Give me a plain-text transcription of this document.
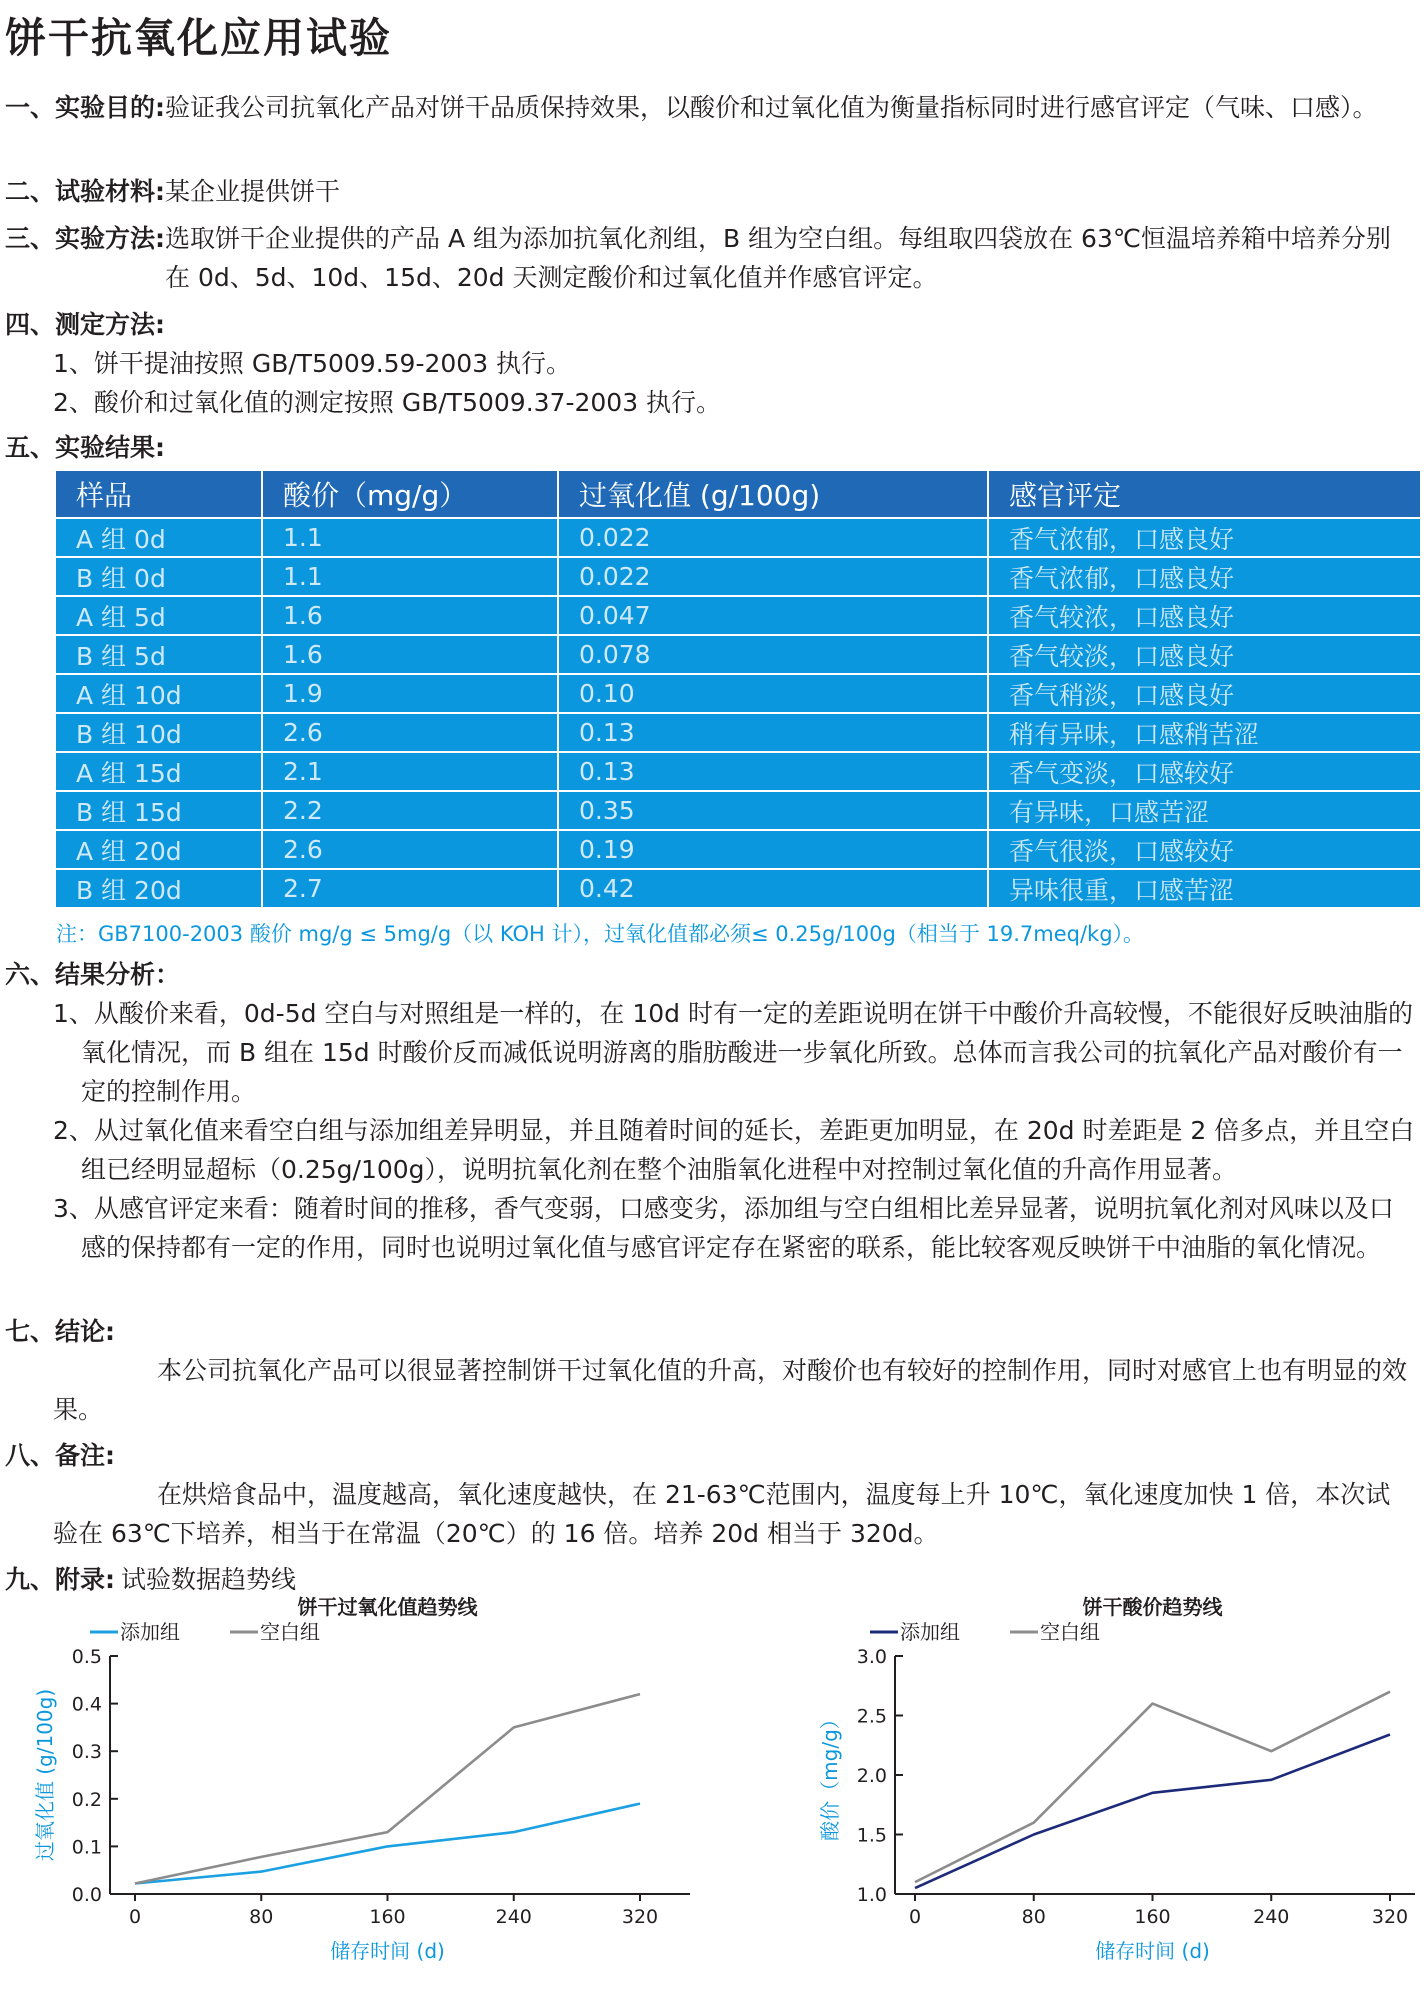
饼干抗氧化应用试验
一、实验目的: 验证我公司抗氧化产品对饼干品质保持效果，以酸价和过氧化值为衡量指标同时进行感官评定（气味、口感）。
二、试验材料: 某企业提供饼干
三、实验方法: 选取饼干企业提供的产品 A 组为添加抗氧化剂组，B 组为空白组。每组取四袋放在 63℃恒温培养箱中培养分别在 0d、5d、10d、15d、20d 天测定酸价和过氧化值并作感官评定。
四、测定方法:
1、饼干提油按照 GB/T5009.59-2003 执行。
2、酸价和过氧化值的测定按照 GB/T5009.37-2003 执行。
五、实验结果:
样品	酸价（mg/g）	过氧化值 (g/100g)	感官评定
A 组 0d	1.1	0.022	香气浓郁，口感良好
B 组 0d	1.1	0.022	香气浓郁，口感良好
A 组 5d	1.6	0.047	香气较浓，口感良好
B 组 5d	1.6	0.078	香气较淡，口感良好
A 组 10d	1.9	0.10	香气稍淡，口感良好
B 组 10d	2.6	0.13	稍有异味，口感稍苦涩
A 组 15d	2.1	0.13	香气变淡，口感较好
B 组 15d	2.2	0.35	有异味，口感苦涩
A 组 20d	2.6	0.19	香气很淡，口感较好
B 组 20d	2.7	0.42	异味很重，口感苦涩
注：GB7100-2003 酸价 mg/g ≤ 5mg/g（以 KOH 计），过氧化值都必须≤ 0.25g/100g（相当于 19.7meq/kg）。
六、结果分析：
1、从酸价来看，0d-5d 空白与对照组是一样的，在 10d 时有一定的差距说明在饼干中酸价升高较慢，不能很好反映油脂的氧化情况，而 B 组在 15d 时酸价反而减低说明游离的脂肪酸进一步氧化所致。总体而言我公司的抗氧化产品对酸价有一定的控制作用。
2、从过氧化值来看空白组与添加组差异明显，并且随着时间的延长，差距更加明显，在 20d 时差距是 2 倍多点，并且空白组已经明显超标（0.25g/100g），说明抗氧化剂在整个油脂氧化进程中对控制过氧化值的升高作用显著。
3、从感官评定来看：随着时间的推移，香气变弱，口感变劣，添加组与空白组相比差异显著，说明抗氧化剂对风味以及口感的保持都有一定的作用，同时也说明过氧化值与感官评定存在紧密的联系，能比较客观反映饼干中油脂的氧化情况。
七、结论:
本公司抗氧化产品可以很显著控制饼干过氧化值的升高，对酸价也有较好的控制作用，同时对感官上也有明显的效果。
八、备注:
在烘焙食品中，温度越高，氧化速度越快，在 21-63℃范围内，温度每上升 10℃，氧化速度加快 1 倍，本次试验在 63℃下培养，相当于在常温（20℃）的 16 倍。培养 20d 相当于 320d。
九、附录: 试验数据趋势线
饼干过氧化值趋势线
添加组	空白组
0.0
0.1
0.2
0.3
0.4
0.5
0	80	160	240	320
储存时间 (d)
过氧化值 (g/100g)
饼干酸价趋势线
添加组	空白组
1.0
1.5
2.0
2.5
3.0
0	80	160	240	320
储存时间 (d)
酸价（mg/g）
